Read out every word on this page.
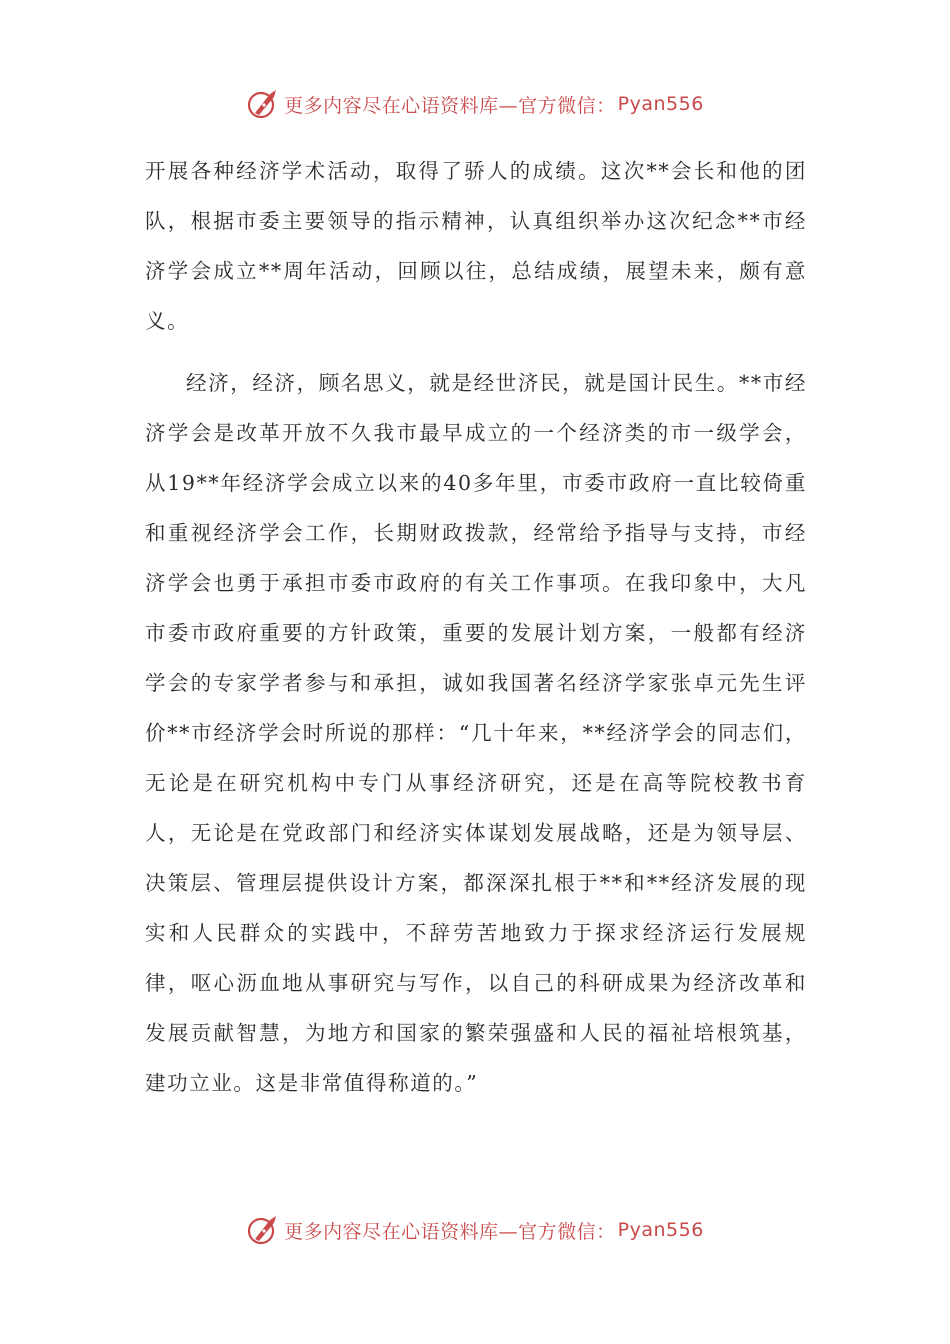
更多内容尽在心语资料库—官方微信： Pyan556

开展各种经济学术活动，取得了骄人的成绩。这次**会长和他的团队，根据市委主要领导的指示精神，认真组织举办这次纪念**市经济学会成立**周年活动，回顾以往，总结成绩，展望未来，颇有意义。

经济，经济，顾名思义，就是经世济民，就是国计民生。**市经济学会是改革开放不久我市最早成立的一个经济类的市一级学会，从19**年经济学会成立以来的40多年里，市委市政府一直比较倚重和重视经济学会工作，长期财政拨款，经常给予指导与支持，市经济学会也勇于承担市委市政府的有关工作事项。在我印象中，大凡市委市政府重要的方针政策，重要的发展计划方案，一般都有经济学会的专家学者参与和承担，诚如我国著名经济学家张卓元先生评价**市经济学会时所说的那样：“几十年来，**经济学会的同志们，无论是在研究机构中专门从事经济研究，还是在高等院校教书育人，无论是在党政部门和经济实体谋划发展战略，还是为领导层、决策层、管理层提供设计方案，都深深扎根于**和**经济发展的现实和人民群众的实践中，不辞劳苦地致力于探求经济运行发展规律，呕心沥血地从事研究与写作，以自己的科研成果为经济改革和发展贡献智慧，为地方和国家的繁荣强盛和人民的福祉培根筑基，建功立业。这是非常值得称道的。”

更多内容尽在心语资料库—官方微信： Pyan556
